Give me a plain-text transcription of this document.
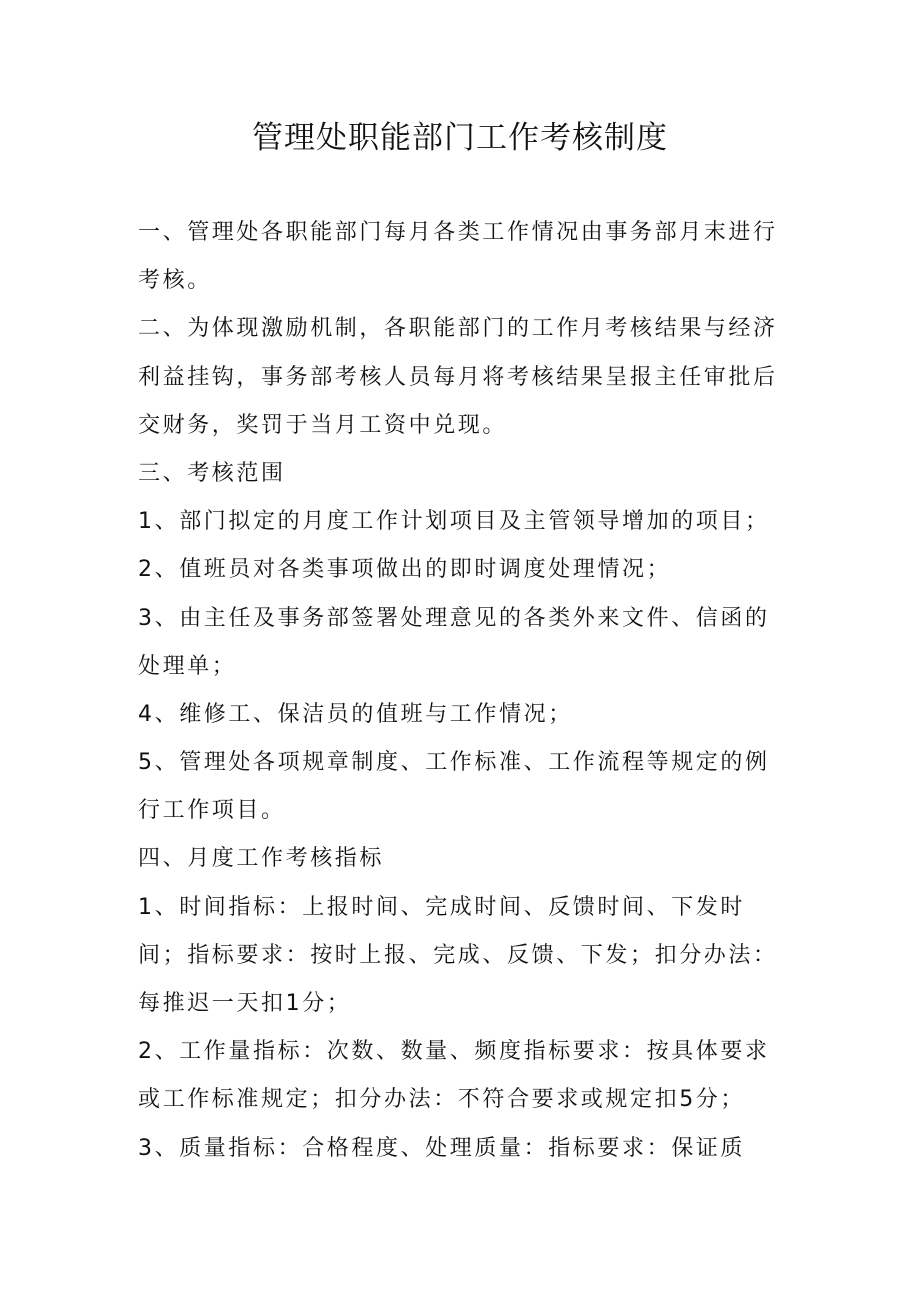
管理处职能部门工作考核制度
一、管理处各职能部门每月各类工作情况由事务部月末进行
考核。
二、为体现激励机制，各职能部门的工作月考核结果与经济
利益挂钩，事务部考核人员每月将考核结果呈报主任审批后
交财务，奖罚于当月工资中兑现。
三、考核范围
1、部门拟定的月度工作计划项目及主管领导增加的项目；
2、值班员对各类事项做出的即时调度处理情况；
3、由主任及事务部签署处理意见的各类外来文件、信函的
处理单；
4、维修工、保洁员的值班与工作情况；
5、管理处各项规章制度、工作标准、工作流程等规定的例
行工作项目。
四、月度工作考核指标
1、时间指标：上报时间、完成时间、反馈时间、下发时
间；指标要求：按时上报、完成、反馈、下发；扣分办法：
每推迟一天扣1分；
2、工作量指标：次数、数量、频度指标要求：按具体要求
或工作标准规定；扣分办法：不符合要求或规定扣5分；
3、质量指标：合格程度、处理质量：指标要求：保证质
